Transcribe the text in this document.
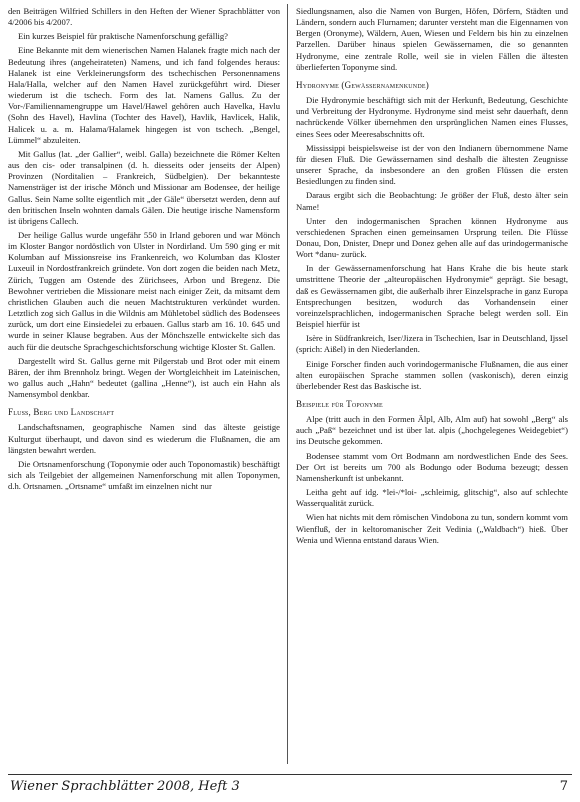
den Beiträgen Wilfried Schillers in den Heften der Wiener Sprachblätter von 4/2006 bis 4/2007.

Ein kurzes Beispiel für praktische Namenforschung gefällig?

Eine Bekannte mit dem wienerischen Namen Halanek fragte mich nach der Bedeutung ihres (angeheirateten) Namens, und ich fand folgendes heraus: Halanek ist eine Verkleinerungsform des tschechischen Personennamens Hala/Halla, welcher auf den Namen Havel zurückgeführt wird. Dieser wiederum ist die tschech. Form des lat. Namens Gallus. Zu der Vor-/Familiennamengruppe um Havel/Hawel gehören auch Havelka, Havlu (Sohn des Havel), Havlina (Tochter des Havel), Havlik, Havlicek, Halik, Halicek u. a. m. Halama/Halamek hingegen ist von tschech. „Bengel, Lümmel“ abzuleiten.

Mit Gallus (lat. „der Gallier“, weibl. Galla) bezeichnete die Römer Kelten aus den cis- oder transalpinen (d. h. diesseits oder jenseits der Alpen) Provinzen (Norditalien – Frankreich, Südbelgien). Der bekannteste Namensträger ist der irische Mönch und Missionar am Bodensee, der heilige Gallus. Sein Name sollte eigentlich mit „der Gäle“ übersetzt werden, denn auf den britischen Inseln wohnten damals Gälen. Die heutige irische Namensform ist übrigens Callech.

Der heilige Gallus wurde ungefähr 550 in Irland geboren und war Mönch im Kloster Bangor nordöstlich von Ulster in Nordirland. Um 590 ging er mit Kolumban auf Missionsreise ins Frankenreich, wo Kolumban das Kloster Luxeuil in Nordostfrankreich gründete. Von dort zogen die beiden nach Metz, Zürich, Tuggen am Ostende des Zürichsees, Arbon und Bregenz. Die Bewohner vertrieben die Missionare meist nach einiger Zeit, da mitsamt dem christlichen Glauben auch die neuen Machtstrukturen verkündet wurden. Letztlich zog sich Gallus in die Wildnis am Mühletobel südlich des Bodensees zurück, um dort eine Einsiedelei zu erbauen. Gallus starb am 16. 10. 645 und wurde in seiner Klause begraben. Aus der Mönchszelle entwickelte sich das auch für die deutsche Sprachgeschichtsforschung wichtige Kloster St. Gallen.

Dargestellt wird St. Gallus gerne mit Pilgerstab und Brot oder mit einem Bären, der ihm Brennholz bringt. Wegen der Wortgleichheit im Lateinischen, wo gallus auch „Hahn“ bedeutet (gallina „Henne“), ist auch ein Hahn als Namensymbol denkbar.

Fluß, Berg und Landschaft

Landschaftsnamen, geographische Namen sind das älteste geistige Kulturgut überhaupt, und davon sind es wiederum die Flußnamen, die am längsten bewahrt werden.

Die Ortsnamenforschung (Toponymie oder auch Toponomastik) beschäftigt sich als Teilgebiet der allgemeinen Namenforschung mit allen Toponymen, d.h. Ortsnamen. „Ortsname“ umfaßt im einzelnen nicht nur

Siedlungsnamen, also die Namen von Burgen, Höfen, Dörfern, Städten und Ländern, sondern auch Flurnamen; darunter versteht man die Eigennamen von Bergen (Oronyme), Wäldern, Auen, Wiesen und Feldern bis hin zu einzelnen Parzellen. Darüber hinaus spielen Gewässernamen, die so genannten Hydronyme, eine zentrale Rolle, weil sie in vielen Fällen die ältesten überlieferten Toponyme sind.

Hydronyme (Gewässernamenkunde)

Die Hydronymie beschäftigt sich mit der Herkunft, Bedeutung, Geschichte und Verbreitung der Hydronyme. Hydronyme sind meist sehr dauerhaft, denn nachrückende Völker übernehmen den ursprünglichen Namen eines Flusses, eines Sees oder Meeresabschnitts oft.

Mississippi beispielsweise ist der von den Indianern übernommene Name für diesen Fluß. Die Gewässernamen sind deshalb die ältesten Zeugnisse unserer Sprache, da insbesondere an den großen Flüssen die ersten Besiedlungen zu finden sind.

Daraus ergibt sich die Beobachtung: Je größer der Fluß, desto älter sein Name!

Unter den indogermanischen Sprachen können Hydronyme aus verschiedenen Sprachen einen gemeinsamen Ursprung teilen. Die Flüsse Donau, Don, Dnister, Dnepr und Donez gehen alle auf das urindogermanische Wort *danu- zurück.

In der Gewässernamenforschung hat Hans Krahe die bis heute stark umstrittene Theorie der „alteuropäischen Hydronymie“ geprägt. Sie besagt, daß es Gewässernamen gibt, die außerhalb ihrer Einzelsprache in ganz Europa Entsprechungen besitzen, wodurch das Vorhandensein einer voreinzelsprachlichen, indogermanischen Sprache belegt werden soll. Ein Beispiel hierfür ist

Isère in Südfrankreich, Iser/Jizera in Tschechien, Isar in Deutschland, Ijssel (sprich: Aißel) in den Niederlanden.

Einige Forscher finden auch vorindogermanische Flußnamen, die aus einer alten europäischen Sprache stammen sollen (vaskonisch), deren einzig überlebender Rest das Baskische ist.

Beispiele für Toponyme

Alpe (tritt auch in den Formen Älpl, Alb, Alm auf) hat sowohl „Berg“ als auch „Paß“ bezeichnet und ist über lat. alpis („hochgelegenes Weidegebiet“) ins Deutsche gekommen.

Bodensee stammt vom Ort Bodmann am nordwestlichen Ende des Sees. Der Ort ist bereits um 700 als Bodungo oder Boduma bezeugt; dessen Namensherkunft ist unbekannt.

Leitha geht auf idg. *lei-/*loi- „schleimig, glitschig“, also auf schlechte Wasserqualität zurück.

Wien hat nichts mit dem römischen Vindobona zu tun, sondern kommt vom Wienfluß, der in keltoromanischer Zeit Vedinia („Waldbach“) hieß. Über Wenia und Wienna entstand daraus Wien.

Wiener Sprachblätter 2008, Heft 3	7
